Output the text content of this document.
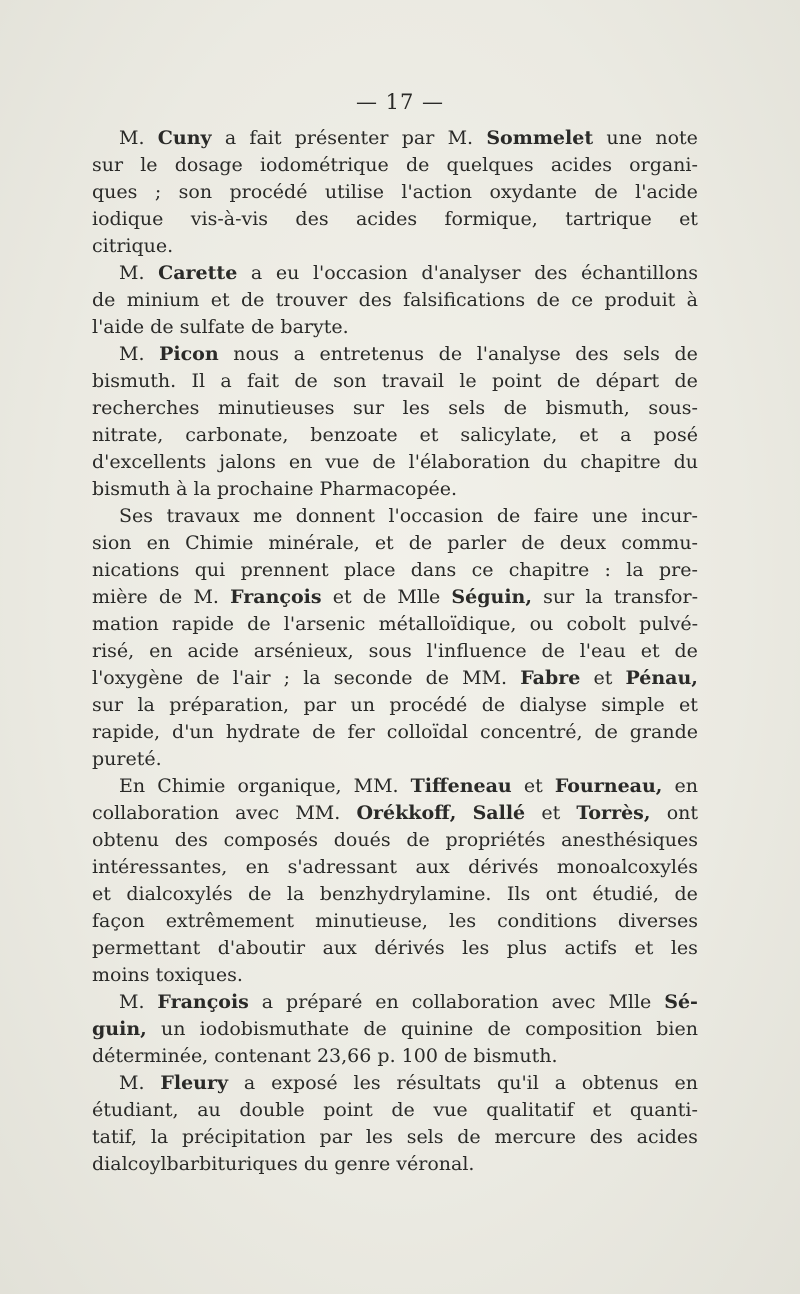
— 17 —
M. Cuny a fait présenter par M. Sommelet une note
sur le dosage iodométrique de quelques acides organi-
ques ; son procédé utilise l'action oxydante de l'acide
iodique vis-à-vis des acides formique, tartrique et
citrique.
M. Carette a eu l'occasion d'analyser des échantillons
de minium et de trouver des falsifications de ce produit à
l'aide de sulfate de baryte.
M. Picon nous a entretenus de l'analyse des sels de
bismuth. Il a fait de son travail le point de départ de
recherches minutieuses sur les sels de bismuth, sous-
nitrate, carbonate, benzoate et salicylate, et a posé
d'excellents jalons en vue de l'élaboration du chapitre du
bismuth à la prochaine Pharmacopée.
Ses travaux me donnent l'occasion de faire une incur-
sion en Chimie minérale, et de parler de deux commu-
nications qui prennent place dans ce chapitre : la pre-
mière de M. François et de Mlle Séguin, sur la transfor-
mation rapide de l'arsenic métalloïdique, ou cobolt pulvé-
risé, en acide arsénieux, sous l'influence de l'eau et de
l'oxygène de l'air ; la seconde de MM. Fabre et Pénau,
sur la préparation, par un procédé de dialyse simple et
rapide, d'un hydrate de fer colloïdal concentré, de grande
pureté.
En Chimie organique, MM. Tiffeneau et Fourneau, en
collaboration avec MM. Orékkoff, Sallé et Torrès, ont
obtenu des composés doués de propriétés anesthésiques
intéressantes, en s'adressant aux dérivés monoalcoxylés
et dialcoxylés de la benzhydrylamine. Ils ont étudié, de
façon extrêmement minutieuse, les conditions diverses
permettant d'aboutir aux dérivés les plus actifs et les
moins toxiques.
M. François a préparé en collaboration avec Mlle Sé-
guin, un iodobismuthate de quinine de composition bien
déterminée, contenant 23,66 p. 100 de bismuth.
M. Fleury a exposé les résultats qu'il a obtenus en
étudiant, au double point de vue qualitatif et quanti-
tatif, la précipitation par les sels de mercure des acides
dialcoylbarbituriques du genre véronal.
